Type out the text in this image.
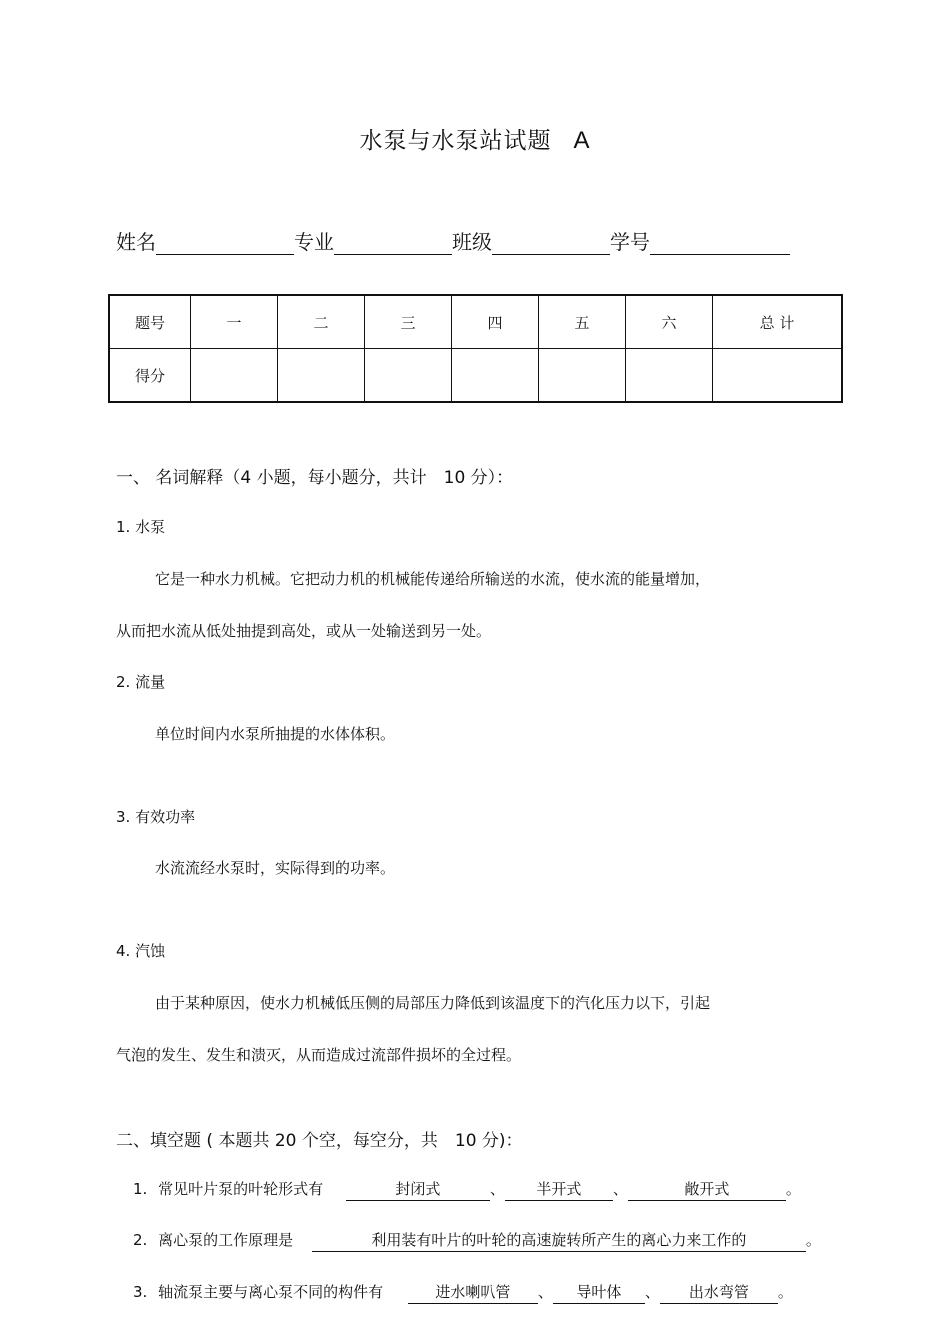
水泵与水泵站试题 A
姓名	专业	班级	学号
题号	一	二	三	四	五	六	总 计
得分							
一、 名词解释（4 小题，每小题分，共计　10 分）：
1. 水泵
它是一种水力机械。它把动力机的机械能传递给所输送的水流，使水流的能量增加，
从而把水流从低处抽提到高处，或从一处输送到另一处。
2. 流量
单位时间内水泵所抽提的水体体积。
3. 有效功率
水流流经水泵时，实际得到的功率。
4. 汽蚀
由于某种原因，使水力机械低压侧的局部压力降低到该温度下的汽化压力以下，引起
气泡的发生、发生和溃灭，从而造成过流部件损坏的全过程。
二、填空题 ( 本题共 20 个空，每空分，共　10 分)：
1. 常见叶片泵的叶轮形式有	封闭式	、 半开式 、	敞开式	。
2. 离心泵的工作原理是	利用装有叶片的叶轮的高速旋转所产生的离心力来工作的	。
3. 轴流泵主要与离心泵不同的构件有	进水喇叭管 、 导叶体 、 出水弯管 。
